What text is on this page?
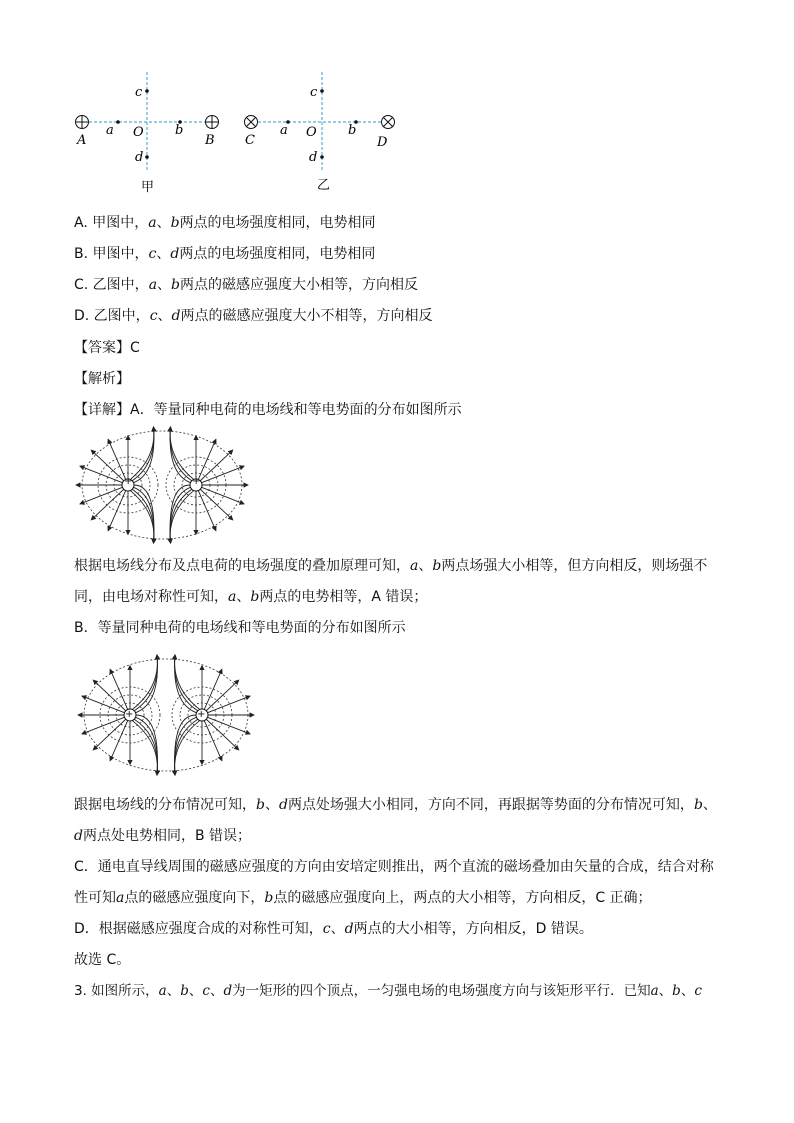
A
a O b
B
c
d
甲
C
a O b
D
c
d
乙
A. 甲图中，a、b两点的电场强度相同，电势相同
B. 甲图中，c、d两点的电场强度相同，电势相同
C. 乙图中，a、b两点的磁感应强度大小相等，方向相反
D. 乙图中，c、d两点的磁感应强度大小不相等，方向相反
【答案】C
【解析】
【详解】A．等量同种电荷的电场线和等电势面的分布如图所示
+	+
根据电场线分布及点电荷的电场强度的叠加原理可知，a、b两点场强大小相等，但方向相反，则场强不
同，由电场对称性可知，a、b两点的电势相等，A 错误；
B．等量同种电荷的电场线和等电势面的分布如图所示
+	+
跟据电场线的分布情况可知，b、d两点处场强大小相同，方向不同，再跟据等势面的分布情况可知，b、
d两点处电势相同，B 错误；
C．通电直导线周围的磁感应强度的方向由安培定则推出，两个直流的磁场叠加由矢量的合成，结合对称
性可知a点的磁感应强度向下，b点的磁感应强度向上，两点的大小相等，方向相反，C 正确；
D．根据磁感应强度合成的对称性可知，c、d两点的大小相等，方向相反，D 错误。
故选 C。
3. 如图所示，a、b、c、d为一矩形的四个顶点，一匀强电场的电场强度方向与该矩形平行．已知a、b、c
